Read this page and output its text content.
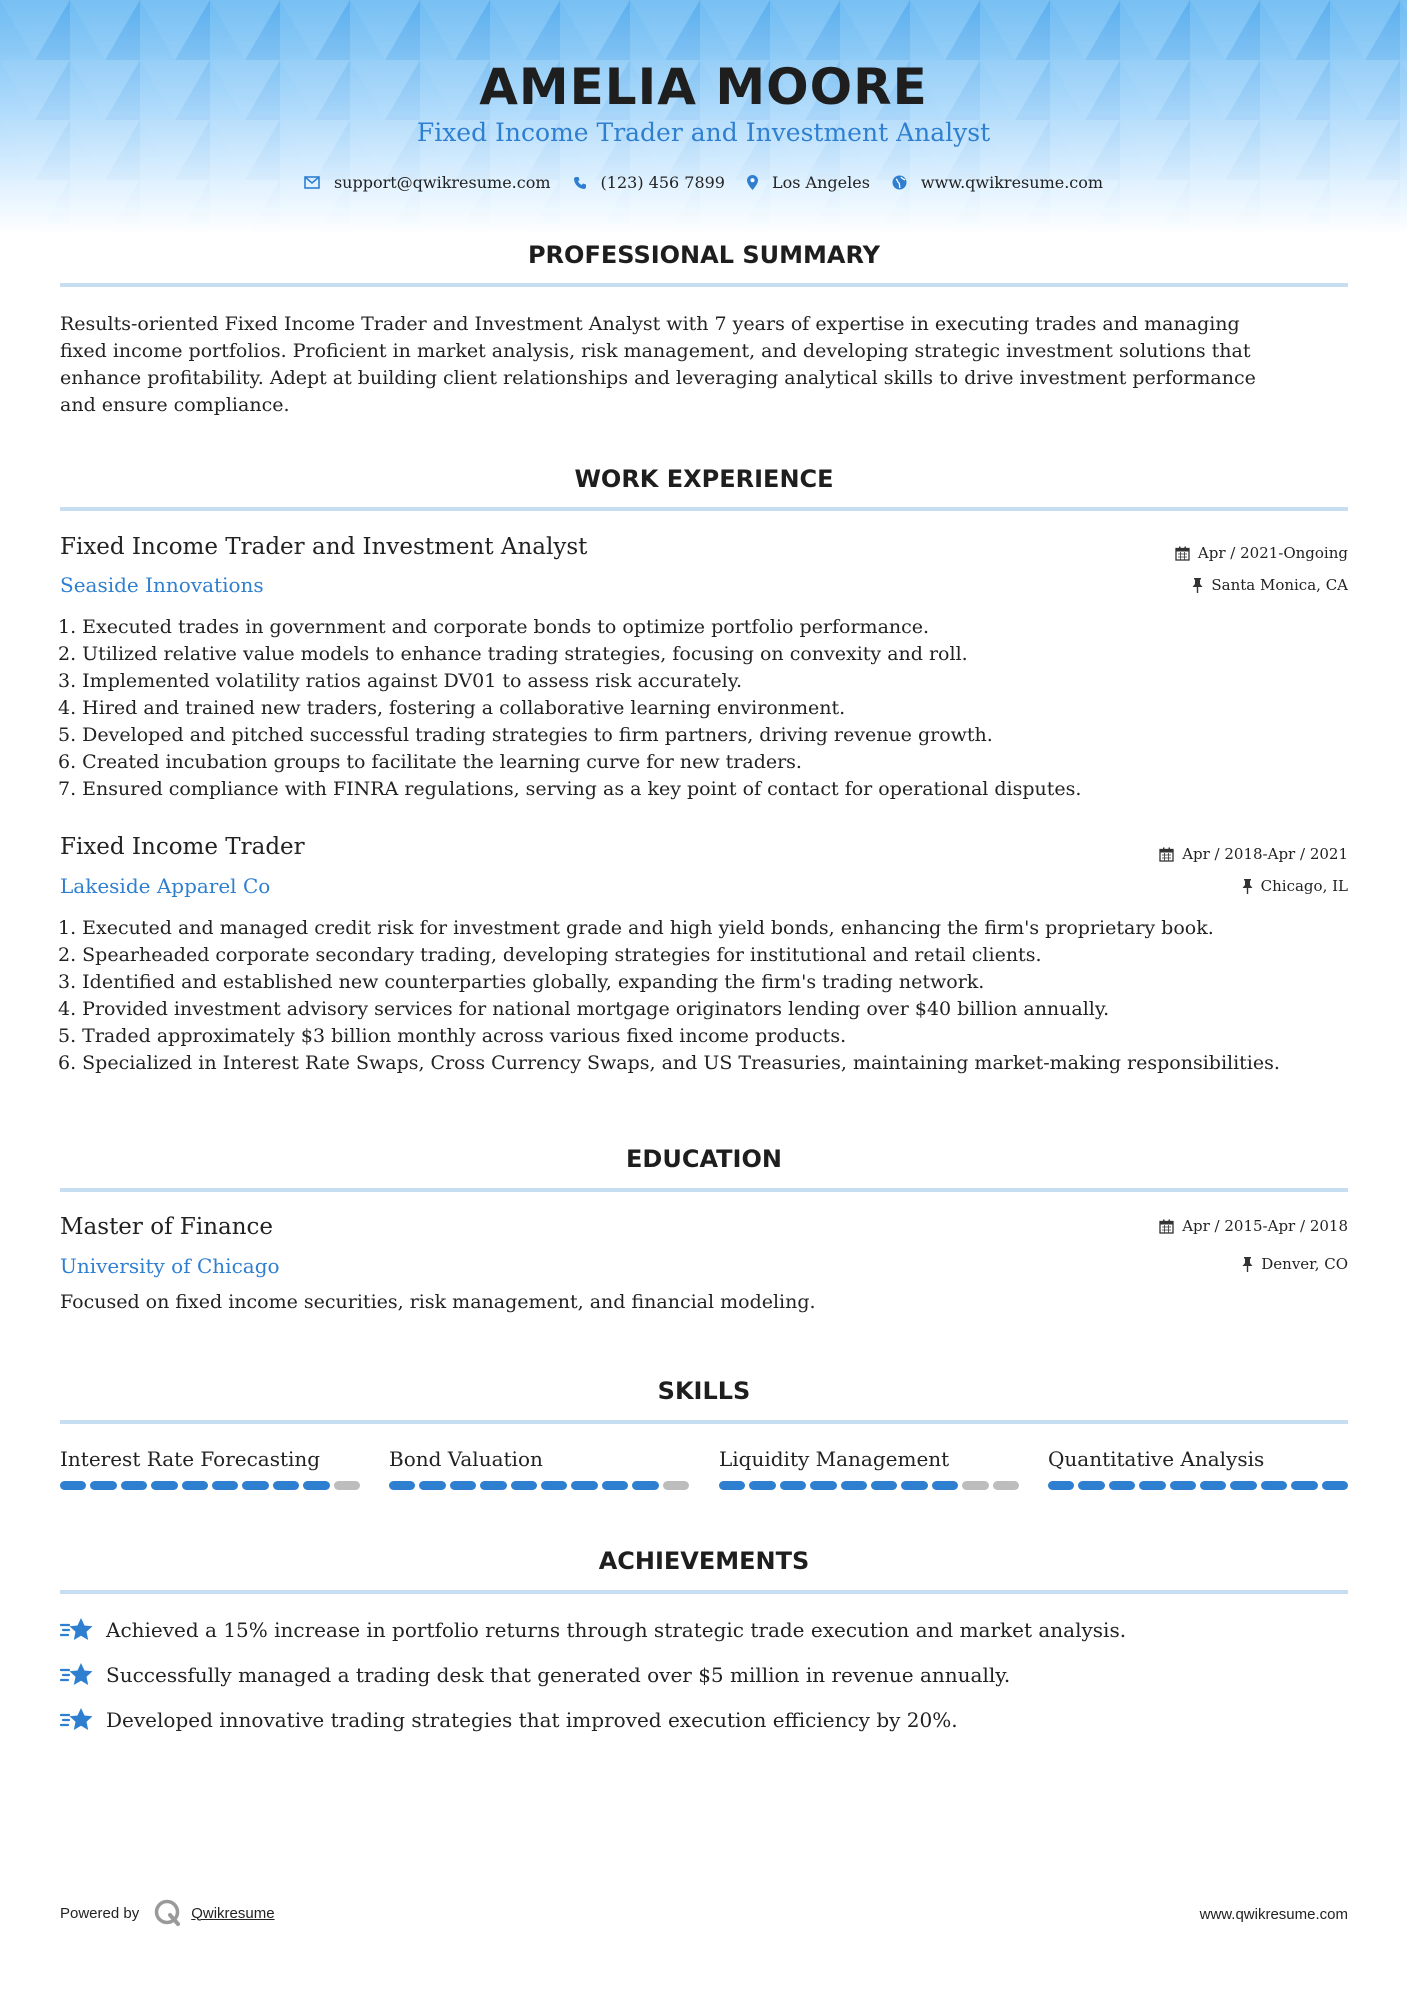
AMELIA MOORE
Fixed Income Trader and Investment Analyst
support@qwikresume.com	(123) 456 7899	Los Angeles	www.qwikresume.com
PROFESSIONAL SUMMARY
Results-oriented Fixed Income Trader and Investment Analyst with 7 years of expertise in executing trades and managing
fixed income portfolios. Proficient in market analysis, risk management, and developing strategic investment solutions that
enhance profitability. Adept at building client relationships and leveraging analytical skills to drive investment performance
and ensure compliance.
WORK EXPERIENCE
Fixed Income Trader and Investment Analyst
Seaside Innovations
Apr / 2021-Ongoing
Santa Monica, CA
1. Executed trades in government and corporate bonds to optimize portfolio performance.
2. Utilized relative value models to enhance trading strategies, focusing on convexity and roll.
3. Implemented volatility ratios against DV01 to assess risk accurately.
4. Hired and trained new traders, fostering a collaborative learning environment.
5. Developed and pitched successful trading strategies to firm partners, driving revenue growth.
6. Created incubation groups to facilitate the learning curve for new traders.
7. Ensured compliance with FINRA regulations, serving as a key point of contact for operational disputes.
Fixed Income Trader
Lakeside Apparel Co
Apr / 2018-Apr / 2021
Chicago, IL
1. Executed and managed credit risk for investment grade and high yield bonds, enhancing the firm's proprietary book.
2. Spearheaded corporate secondary trading, developing strategies for institutional and retail clients.
3. Identified and established new counterparties globally, expanding the firm's trading network.
4. Provided investment advisory services for national mortgage originators lending over $40 billion annually.
5. Traded approximately $3 billion monthly across various fixed income products.
6. Specialized in Interest Rate Swaps, Cross Currency Swaps, and US Treasuries, maintaining market-making responsibilities.
EDUCATION
Master of Finance
University of Chicago
Apr / 2015-Apr / 2018
Denver, CO
Focused on fixed income securities, risk management, and financial modeling.
SKILLS
Interest Rate Forecasting	Bond Valuation	Liquidity Management	Quantitative Analysis
ACHIEVEMENTS
Achieved a 15% increase in portfolio returns through strategic trade execution and market analysis.
Successfully managed a trading desk that generated over $5 million in revenue annually.
Developed innovative trading strategies that improved execution efficiency by 20%.
Powered by	Qwikresume	www.qwikresume.com
